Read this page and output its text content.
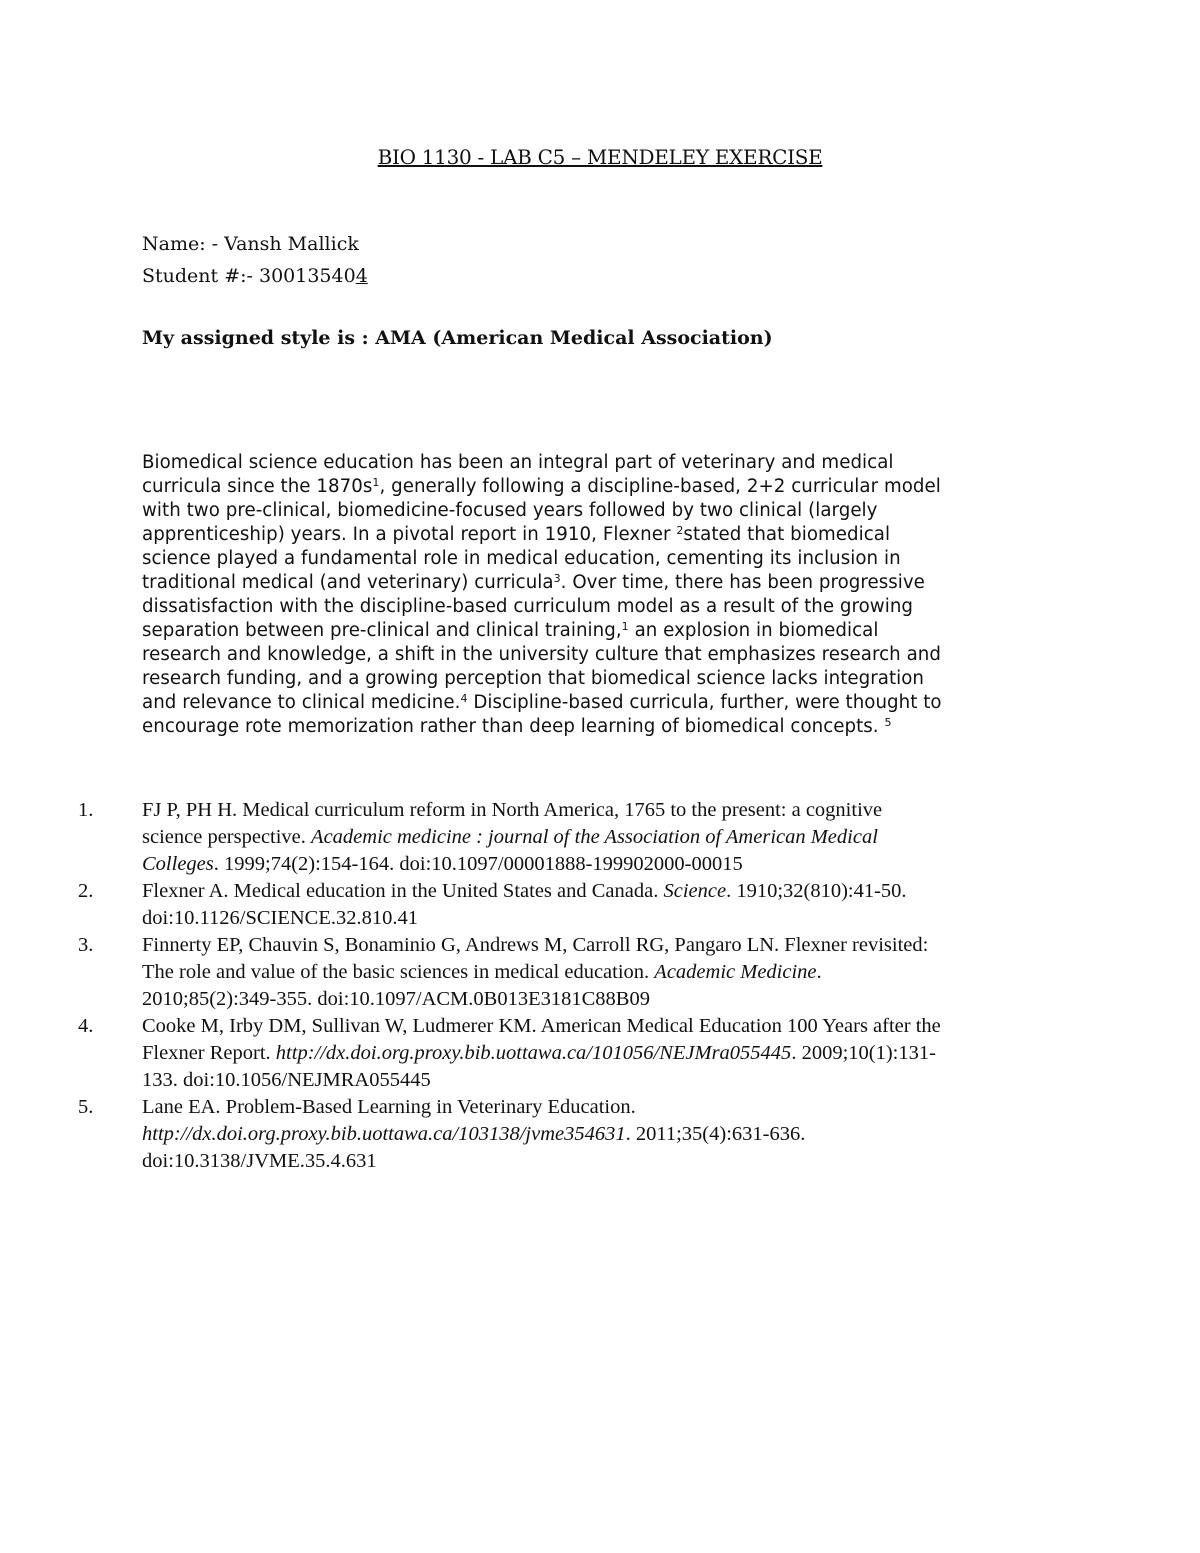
BIO 1130 - LAB C5 – MENDELEY EXERCISE
Name: - Vansh Mallick
Student #:- 300135404
My assigned style is : AMA (American Medical Association)

Biomedical science education has been an integral part of veterinary and medical
curricula since the $1870s^1$, generally following a discipline-based, 2+2 curricular model
with two pre-clinical, biomedicine-focused years followed by two clinical (largely
apprenticeship) years. In a pivotal report in 1910, Flexner $^2$stated that biomedical
science played a fundamental role in medical education, cementing its inclusion in
traditional medical (and veterinary) curricula$^3$. Over time, there has been progressive
dissatisfaction with the discipline-based curriculum model as a result of the growing
separation between pre-clinical and clinical training,$^1$ an explosion in biomedical
research and knowledge, a shift in the university culture that emphasizes research and
research funding, and a growing perception that biomedical science lacks integration
and relevance to clinical medicine.$^4$ Discipline-based curricula, further, were thought to
encourage rote memorization rather than deep learning of biomedical concepts. $^5$

1. FJ P, PH H. Medical curriculum reform in North America, 1765 to the present: a cognitive
science perspective. Academic medicine : journal of the Association of American Medical
Colleges. 1999;74(2):154-164. doi:10.1097/00001888-199902000-00015
2. Flexner A. Medical education in the United States and Canada. Science. 1910;32(810):41-50.
doi:10.1126/SCIENCE.32.810.41
3. Finnerty EP, Chauvin S, Bonaminio G, Andrews M, Carroll RG, Pangaro LN. Flexner revisited:
The role and value of the basic sciences in medical education. Academic Medicine.
2010;85(2):349-355. doi:10.1097/ACM.0B013E3181C88B09
4. Cooke M, Irby DM, Sullivan W, Ludmerer KM. American Medical Education 100 Years after the
Flexner Report. http://dx.doi.org.proxy.bib.uottawa.ca/101056/NEJMra055445. 2009;10(1):131-
133. doi:10.1056/NEJMRA055445
5. Lane EA. Problem-Based Learning in Veterinary Education.
http://dx.doi.org.proxy.bib.uottawa.ca/103138/jvme354631. 2011;35(4):631-636.
doi:10.3138/JVME.35.4.631
